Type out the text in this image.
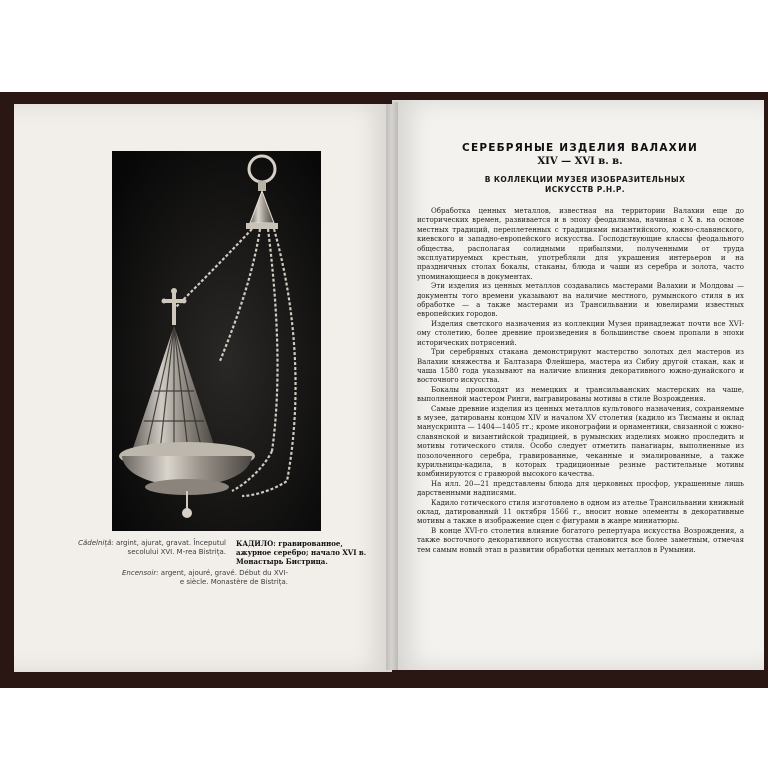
Cădelniță: argint, ajurat, gravat. Începutul secolului XVI. M-rea Bistrița.
КАДИЛО: гравированное, ажурное серебро; начало XVI в. Монастырь Бистрица.
Encensoir: argent, ajouré, gravé. Début du XVI-e siècle. Monastère de Bistrița.
СЕРЕБРЯНЫЕ ИЗДЕЛИЯ ВАЛАХИИ
XIV — XVI в. в.
В КОЛЛЕКЦИИ МУЗЕЯ ИЗОБРАЗИТЕЛЬНЫХ ИСКУССТВ Р.Н.Р.

Обработка ценных металлов, известная на территории Валахии еще до исторических времен, развивается и в эпоху феодализма, начиная с X в. на основе местных традиций, переплетенных с традициями византийского, южно-славянского, киевского и западно-европейского искусства. Господствующие классы феодального общества, располагая солидными прибылями, полученными от труда эксплуатируемых крестьян, употребляли для украшения интерьеров и на праздничных столах бокалы, стаканы, блюда и чаши из серебра и золота, часто упоминающиеся в документах.

Эти изделия из ценных металлов создавались мастерами Валахии и Молдовы — документы того времени указывают на наличие местного, румынского стиля в их обработке — а также мастерами из Трансильвании и ювелирами известных европейских городов.

Изделия светского назначения из коллекции Музея принадлежат почти все XVI-ому столетию, более древние произведения в большинстве своем пропали в эпохи исторических потрясений.

Три серебряных стакана демонстрируют мастерство золотых дел мастеров из Валахии княжества и Балтазара Флейшера, мастера из Сибиу другой стакан, как и чаша 1580 года указывают на наличие влияния декоративного южно-дунайского и восточного искусства.

Бокалы происходят из немецких и трансильванских мастерских на чаше, выполненной мастером Ринги, выгравированы мотивы в стиле Возрождения.

Самые древние изделия из ценных металлов культового назначения, сохраняемые в музее, датированы концом XIV и началом XV столетия (кадило из Тисманы и оклад манускрипта — 1404—1405 гг.; кроме иконографии и орнаментики, связанной с южно-славянской и византийской традицией, в румынских изделиях можно проследить и мотивы готического стиля. Особо следует отметить панагиары, выполненные из позолоченного серебра, гравированные, чеканные и эмалированные, а также курильницы-кадила, в которых традиционные резные растительные мотивы комбинируются с гравюрой высокого качества.

На илл. 20—21 представлены блюда для церковных просфор, украшенные лишь дарственными надписями.

Кадило готического стиля изготовлено в одном из ателье Трансильвании книжный оклад, датированный 11 октября 1566 г., вносит новые элементы в декоративные мотивы а также в изображение сцен с фигурами в жанре миниатюры.

В конце XVI-го столетия влияние богатого репертуара искусства Возрождения, а также восточного декоративного искусства становится все более заметным, отмечая тем самым новый этап в развитии обработки ценных металлов в Румынии.
